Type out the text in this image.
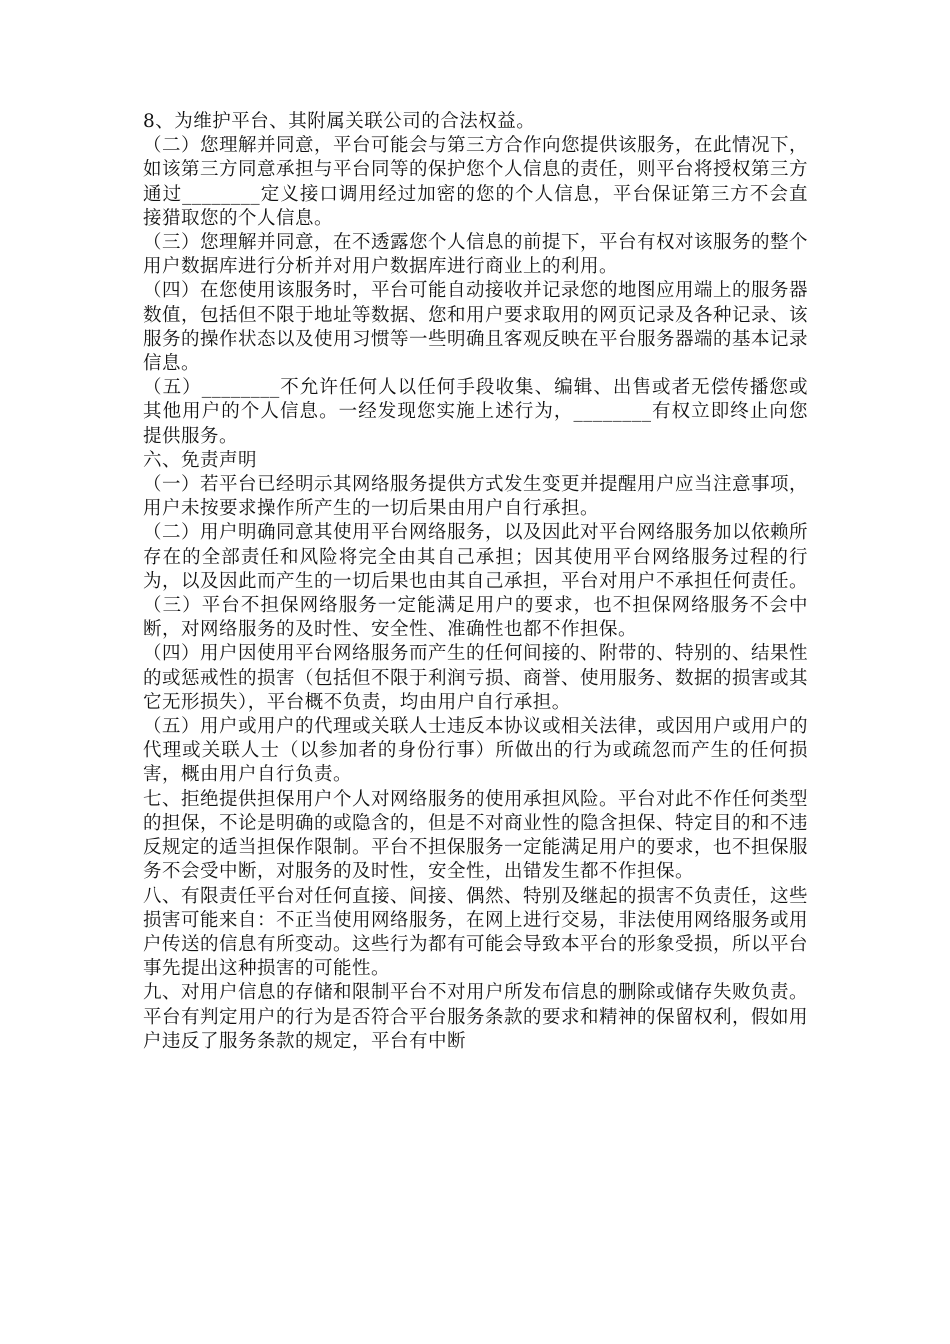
8、为维护平台、其附属关联公司的合法权益。

（二）您理解并同意，平台可能会与第三方合作向您提供该服务，在此情况下，如该第三方同意承担与平台同等的保护您个人信息的责任，则平台将授权第三方通过________定义接口调用经过加密的您的个人信息，平台保证第三方不会直接猎取您的个人信息。

（三）您理解并同意，在不透露您个人信息的前提下，平台有权对该服务的整个用户数据库进行分析并对用户数据库进行商业上的利用。

（四）在您使用该服务时，平台可能自动接收并记录您的地图应用端上的服务器数值，包括但不限于地址等数据、您和用户要求取用的网页记录及各种记录、该服务的操作状态以及使用习惯等一些明确且客观反映在平台服务器端的基本记录信息。

（五）________不允许任何人以任何手段收集、编辑、出售或者无偿传播您或其他用户的个人信息。一经发现您实施上述行为，________有权立即终止向您提供服务。

六、免责声明

（一）若平台已经明示其网络服务提供方式发生变更并提醒用户应当注意事项，用户未按要求操作所产生的一切后果由用户自行承担。

（二）用户明确同意其使用平台网络服务，以及因此对平台网络服务加以依赖所存在的全部责任和风险将完全由其自己承担；因其使用平台网络服务过程的行为，以及因此而产生的一切后果也由其自己承担，平台对用户不承担任何责任。

（三）平台不担保网络服务一定能满足用户的要求，也不担保网络服务不会中断，对网络服务的及时性、安全性、准确性也都不作担保。

（四）用户因使用平台网络服务而产生的任何间接的、附带的、特别的、结果性的或惩戒性的损害（包括但不限于利润亏损、商誉、使用服务、数据的损害或其它无形损失），平台概不负责，均由用户自行承担。

（五）用户或用户的代理或关联人士违反本协议或相关法律，或因用户或用户的代理或关联人士（以参加者的身份行事）所做出的行为或疏忽而产生的任何损害，概由用户自行负责。

七、拒绝提供担保用户个人对网络服务的使用承担风险。平台对此不作任何类型的担保，不论是明确的或隐含的，但是不对商业性的隐含担保、特定目的和不违反规定的适当担保作限制。平台不担保服务一定能满足用户的要求，也不担保服务不会受中断，对服务的及时性，安全性，出错发生都不作担保。

八、有限责任平台对任何直接、间接、偶然、特别及继起的损害不负责任，这些损害可能来自：不正当使用网络服务，在网上进行交易，非法使用网络服务或用户传送的信息有所变动。这些行为都有可能会导致本平台的形象受损，所以平台事先提出这种损害的可能性。

九、对用户信息的存储和限制平台不对用户所发布信息的删除或储存失败负责。平台有判定用户的行为是否符合平台服务条款的要求和精神的保留权利，假如用户违反了服务条款的规定，平台有中断
